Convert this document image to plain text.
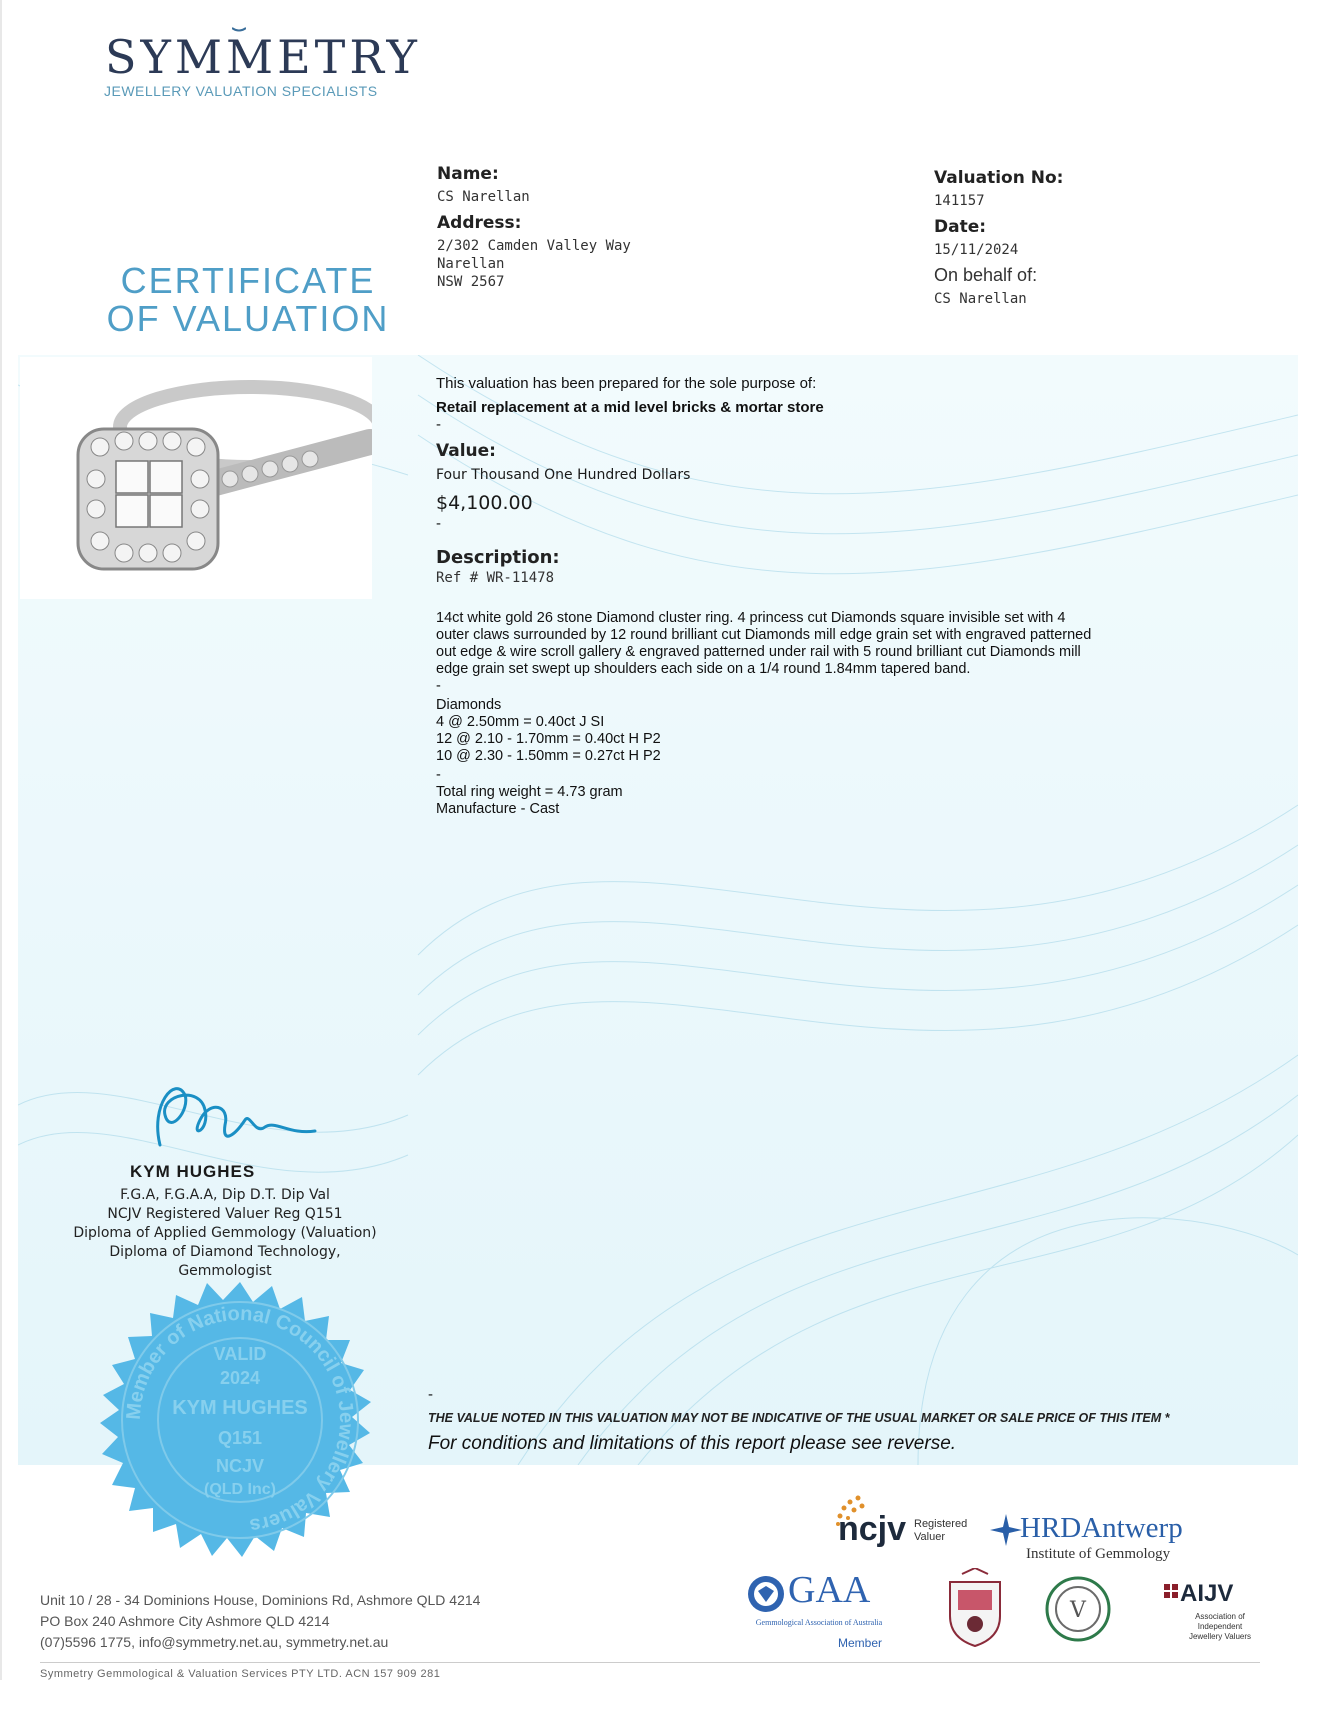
SYMMETRY
JEWELLERY VALUATION SPECIALISTS
CERTIFICATE
OF VALUATION
Name:
CS Narellan
Address:
2/302 Camden Valley Way
Narellan
NSW 2567
Valuation No:
141157
Date:
15/11/2024
On behalf of:
CS Narellan
This valuation has been prepared for the sole purpose of:
Retail replacement at a mid level bricks & mortar store
-
Value:
Four Thousand One Hundred Dollars
$4,100.00
-
Description:
Ref # WR-11478
14ct white gold 26 stone Diamond cluster ring. 4 princess cut Diamonds square invisible set with 4
outer claws surrounded by 12 round brilliant cut Diamonds mill edge grain set with engraved patterned
out edge & wire scroll gallery & engraved patterned under rail with 5 round brilliant cut Diamonds mill
edge grain set swept up shoulders each side on a 1/4 round 1.84mm tapered band.
-
Diamonds
4 @ 2.50mm = 0.40ct J SI
12 @ 2.10 - 1.70mm = 0.40ct H P2
10 @ 2.30 - 1.50mm = 0.27ct H P2
-
Total ring weight = 4.73 gram
Manufacture - Cast
KYM HUGHES
F.G.A, F.G.A.A, Dip D.T. Dip Val
NCJV Registered Valuer Reg Q151
Diploma of Applied Gemmology (Valuation)
Diploma of Diamond Technology,
Gemmologist
Member of National Council of Jewellery Valuers
VALID
2024
KYM HUGHES
Q151
NCJV
(QLD Inc)
-
THE VALUE NOTED IN THIS VALUATION MAY NOT BE INDICATIVE OF THE USUAL MARKET OR SALE PRICE OF THIS ITEM *
For conditions and limitations of this report please see reverse.
ncjv Registered
Valuer	HRDAntwerp
Institute of Gemmology
GAA
Gemmological Association of Australia
Member
V
AIJV
Association of
Independent
Jewellery Valuers
Unit 10 / 28 - 34 Dominions House, Dominions Rd, Ashmore QLD 4214
PO Box 240 Ashmore City Ashmore QLD 4214
(07)5596 1775, info@symmetry.net.au, symmetry.net.au
Symmetry Gemmological & Valuation Services PTY LTD. ACN 157 909 281
